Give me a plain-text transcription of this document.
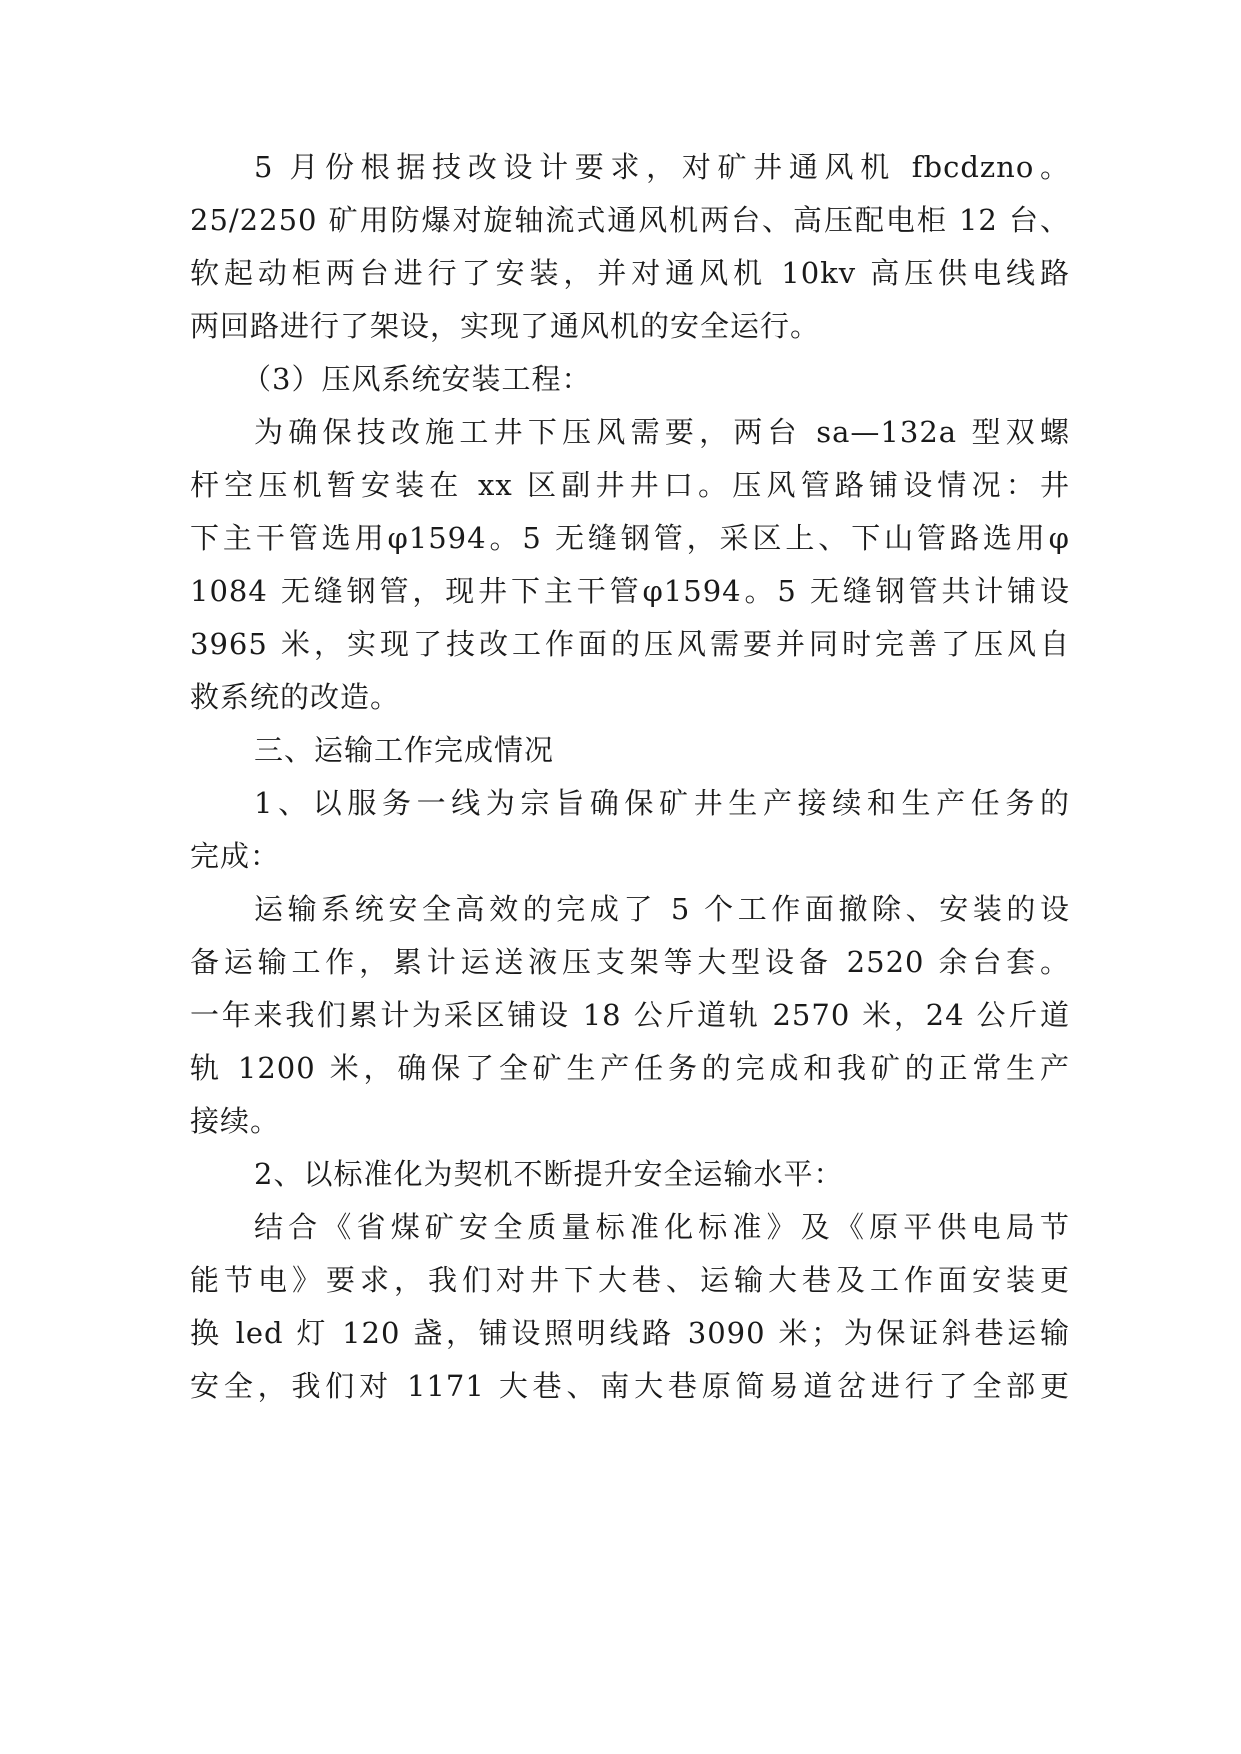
5 月份根据技改设计要求，对矿井通风机 fbcdzno。
25/2250 矿用防爆对旋轴流式通风机两台、高压配电柜 12 台、
软起动柜两台进行了安装，并对通风机 10kv 高压供电线路
两回路进行了架设，实现了通风机的安全运行。
（3）压风系统安装工程：
为确保技改施工井下压风需要，两台 sa—132a 型双螺
杆空压机暂安装在 xx 区副井井口。压风管路铺设情况：井
下主干管选用φ1594。5 无缝钢管，采区上、下山管路选用φ
1084 无缝钢管，现井下主干管φ1594。5 无缝钢管共计铺设
3965 米，实现了技改工作面的压风需要并同时完善了压风自
救系统的改造。
三、运输工作完成情况
1、以服务一线为宗旨确保矿井生产接续和生产任务的
完成：
运输系统安全高效的完成了 5 个工作面撤除、安装的设
备运输工作，累计运送液压支架等大型设备 2520 余台套。
一年来我们累计为采区铺设 18 公斤道轨 2570 米，24 公斤道
轨 1200 米，确保了全矿生产任务的完成和我矿的正常生产
接续。
2、以标准化为契机不断提升安全运输水平：
结合《省煤矿安全质量标准化标准》及《原平供电局节
能节电》要求，我们对井下大巷、运输大巷及工作面安装更
换 led 灯 120 盏，铺设照明线路 3090 米；为保证斜巷运输
安全，我们对 1171 大巷、南大巷原简易道岔进行了全部更
